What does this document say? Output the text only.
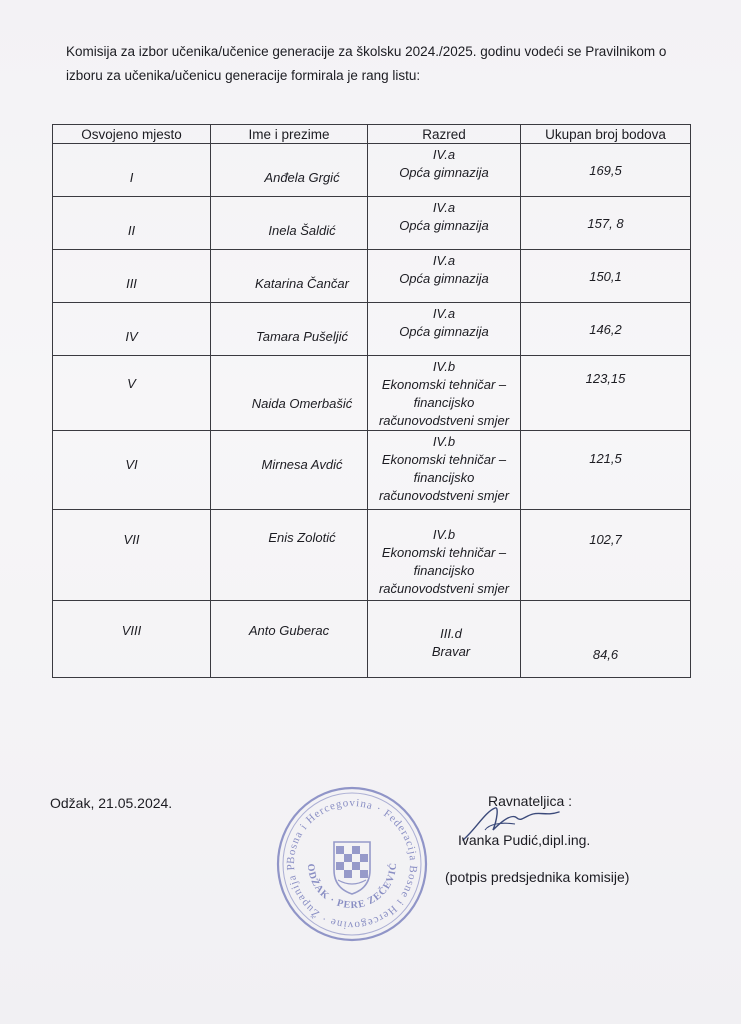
Komisija za izbor učenika/učenice generacije za školsku 2024./2025. godinu vodeći se Pravilnikom o
izboru za učenika/učenicu generacije formirala je rang listu:
Osvojeno mjesto	Ime i prezime	Razred	Ukupan broj bodova

I	Anđela Grgić	IV.a
Opća gimnazija	169,5

II	Inela Šaldić	IV.a
Opća gimnazija	157, 8

III	Katarina Čančar	IV.a
Opća gimnazija	150,1

IV	Tamara Pušeljić	IV.a
Opća gimnazija	146,2

V	Naida Omerbašić	IV.b
Ekonomski tehničar –
financijsko
računovodstveni smjer	123,15

VI	Mirnesa Avdić	IV.b
Ekonomski tehničar –
financijsko
računovodstveni smjer	121,5

VII	Enis Zolotić	IV.b
Ekonomski tehničar –
financijsko
računovodstveni smjer	102,7

VIII	Anto Guberac	III.d
Bravar	84,6
Odžak, 21.05.2024.
Bosna i Hercegovina · Federacija Bosne i Hercegovine · Županija P ODŽAK · PERE ZEČEVIĆ
Ravnateljica :
Ivanka Pudić,dipl.ing.
(potpis predsjednika komisije)
